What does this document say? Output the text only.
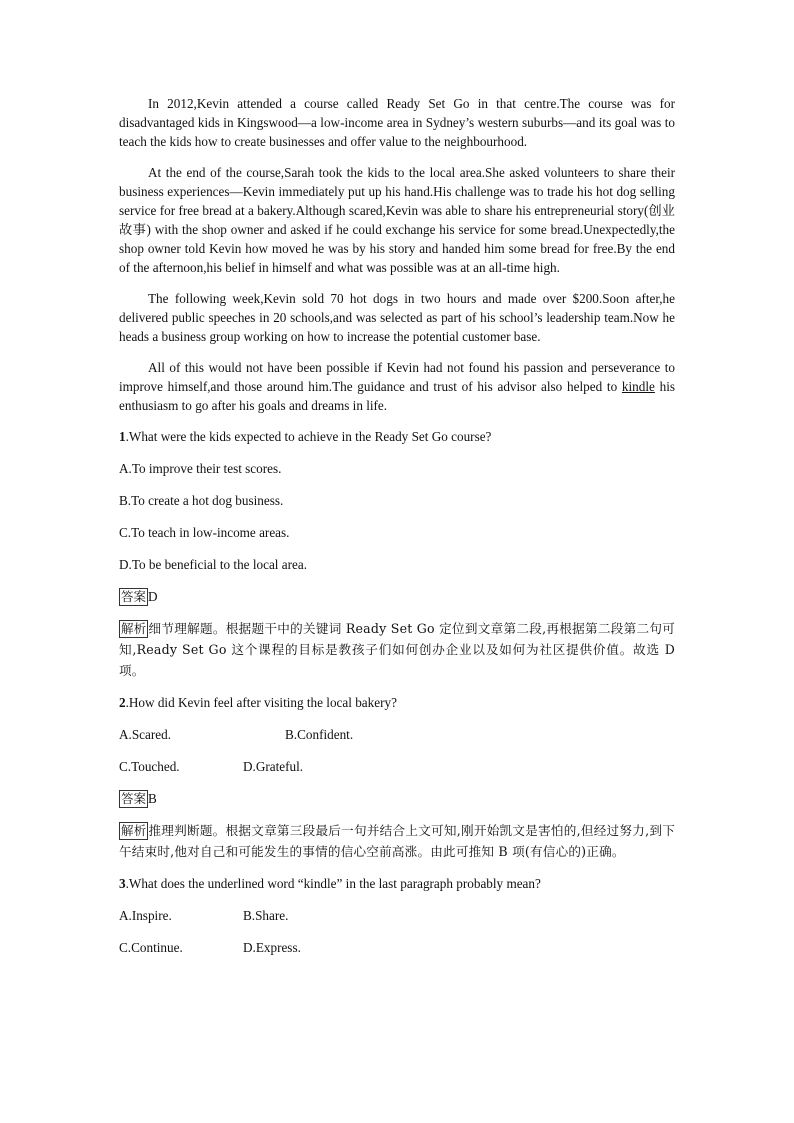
In 2012,Kevin attended a course called Ready Set Go in that centre.The course was for disadvantaged kids in Kingswood—a low-income area in Sydney’s western suburbs—and its goal was to teach the kids how to create businesses and offer value to the neighbourhood.

At the end of the course,Sarah took the kids to the local area.She asked volunteers to share their business experiences—Kevin immediately put up his hand.His challenge was to trade his hot dog selling service for free bread at a bakery.Although scared,Kevin was able to share his entrepreneurial story(创业故事) with the shop owner and asked if he could exchange his service for some bread.Unexpectedly,the shop owner told Kevin how moved he was by his story and handed him some bread for free.By the end of the afternoon,his belief in himself and what was possible was at an all-time high.

The following week,Kevin sold 70 hot dogs in two hours and made over $200.Soon after,he delivered public speeches in 20 schools,and was selected as part of his school’s leadership team.Now he heads a business group working on how to increase the potential customer base.

All of this would not have been possible if Kevin had not found his passion and perseverance to improve himself,and those around him.The guidance and trust of his advisor also helped to kindle his enthusiasm to go after his goals and dreams in life.

1.What were the kids expected to achieve in the Ready Set Go course?

A.To improve their test scores.

B.To create a hot dog business.

C.To teach in low-income areas.

D.To be beneficial to the local area.

答案 D

解析 细节理解题。根据题干中的关键词 Ready Set Go 定位到文章第二段,再根据第二段第二句可知,Ready Set Go 这个课程的目标是教孩子们如何创办企业以及如何为社区提供价值。故选 D 项。

2.How did Kevin feel after visiting the local bakery?

A.Scared.	B.Confident.
C.Touched.	D.Grateful.

答案 B

解析 推理判断题。根据文章第三段最后一句并结合上文可知,刚开始凯文是害怕的,但经过努力,到下午结束时,他对自己和可能发生的事情的信心空前高涨。由此可推知 B 项(有信心的)正确。

3.What does the underlined word “kindle” in the last paragraph probably mean?

A.Inspire.	B.Share.
C.Continue.	D.Express.
